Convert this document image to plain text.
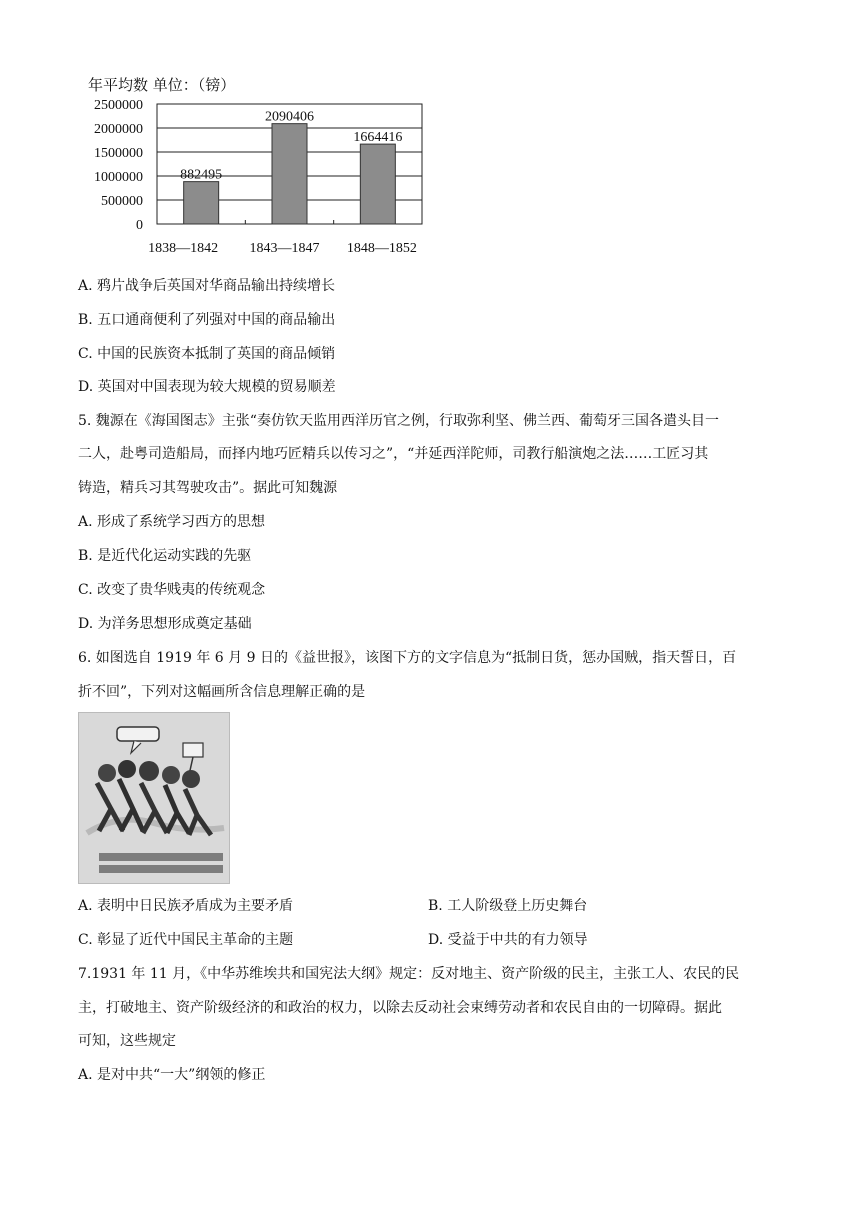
年平均数 单位：（镑）
2500000
2000000
1500000
1000000
500000
0
882495
1838—1842
2090406
1843—1847
1664416
1848—1852
A. 鸦片战争后英国对华商品输出持续增长
B. 五口通商便利了列强对中国的商品输出
C. 中国的民族资本抵制了英国的商品倾销
D. 英国对中国表现为较大规模的贸易顺差
5. 魏源在《海国图志》主张“奏仿钦天监用西洋历官之例，行取弥利坚、佛兰西、葡萄牙三国各遣头目一
二人，赴粤司造船局，而择内地巧匠精兵以传习之”，“并延西洋陀师，司教行船演炮之法……工匠习其
铸造，精兵习其驾驶攻击”。据此可知魏源
A. 形成了系统学习西方的思想
B. 是近代化运动实践的先驱
C. 改变了贵华贱夷的传统观念
D. 为洋务思想形成奠定基础
6. 如图选自 1919 年 6 月 9 日的《益世报》，该图下方的文字信息为“抵制日货，惩办国贼，指天誓日，百
折不回”，下列对这幅画所含信息理解正确的是
A. 表明中日民族矛盾成为主要矛盾	B. 工人阶级登上历史舞台
C. 彰显了近代中国民主革命的主题	D. 受益于中共的有力领导
7.1931 年 11 月，《中华苏维埃共和国宪法大纲》规定：反对地主、资产阶级的民主，主张工人、农民的民
主，打破地主、资产阶级经济的和政治的权力，以除去反动社会束缚劳动者和农民自由的一切障碍。据此
可知，这些规定
A. 是对中共“一大”纲领的修正
